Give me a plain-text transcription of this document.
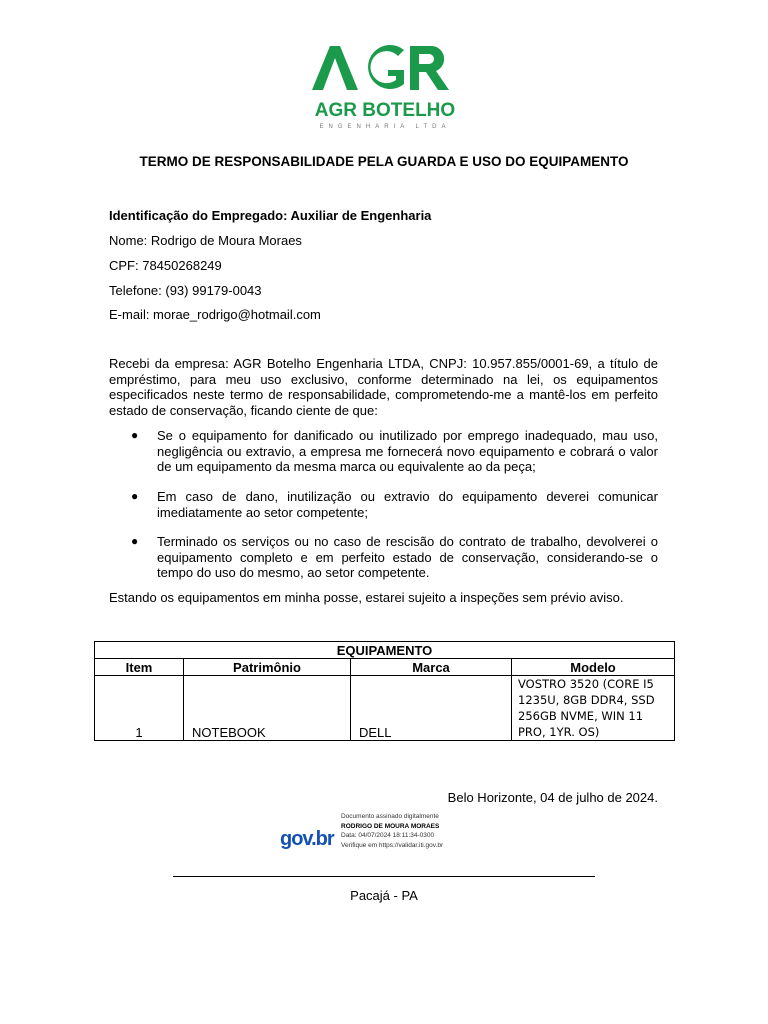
AGR BOTELHO
ENGENHARIA LTDA
TERMO DE RESPONSABILIDADE PELA GUARDA E USO DO EQUIPAMENTO
Identificação do Empregado: Auxiliar de Engenharia
Nome: Rodrigo de Moura Moraes
CPF: 78450268249
Telefone: (93) 99179-0043
E-mail: morae_rodrigo@hotmail.com
Recebi da empresa: AGR Botelho Engenharia LTDA, CNPJ: 10.957.855/0001-69, a título de empréstimo, para meu uso exclusivo, conforme determinado na lei, os equipamentos especificados neste termo de responsabilidade, comprometendo-me a mantê-los em perfeito estado de conservação, ficando ciente de que:
● Se o equipamento for danificado ou inutilizado por emprego inadequado, mau uso, negligência ou extravio, a empresa me fornecerá novo equipamento e cobrará o valor de um equipamento da mesma marca ou equivalente ao da peça;
● Em caso de dano, inutilização ou extravio do equipamento deverei comunicar imediatamente ao setor competente;
● Terminado os serviços ou no caso de rescisão do contrato de trabalho, devolverei o equipamento completo e em perfeito estado de conservação, considerando-se o tempo do uso do mesmo, ao setor competente.
Estando os equipamentos em minha posse, estarei sujeito a inspeções sem prévio aviso.
EQUIPAMENTO			
Item	Patrimônio	Marca	Modelo
1	NOTEBOOK	DELL	VOSTRO 3520 (CORE I5 1235U, 8GB DDR4, SSD 256GB NVME, WIN 11 PRO, 1YR. OS)
Belo Horizonte, 04 de julho de 2024.
gov.br
Documento assinado digitalmente
RODRIGO DE MOURA MORAES
Data: 04/07/2024 18:11:34-0300
Verifique em https://validar.iti.gov.br
Pacajá - PA
